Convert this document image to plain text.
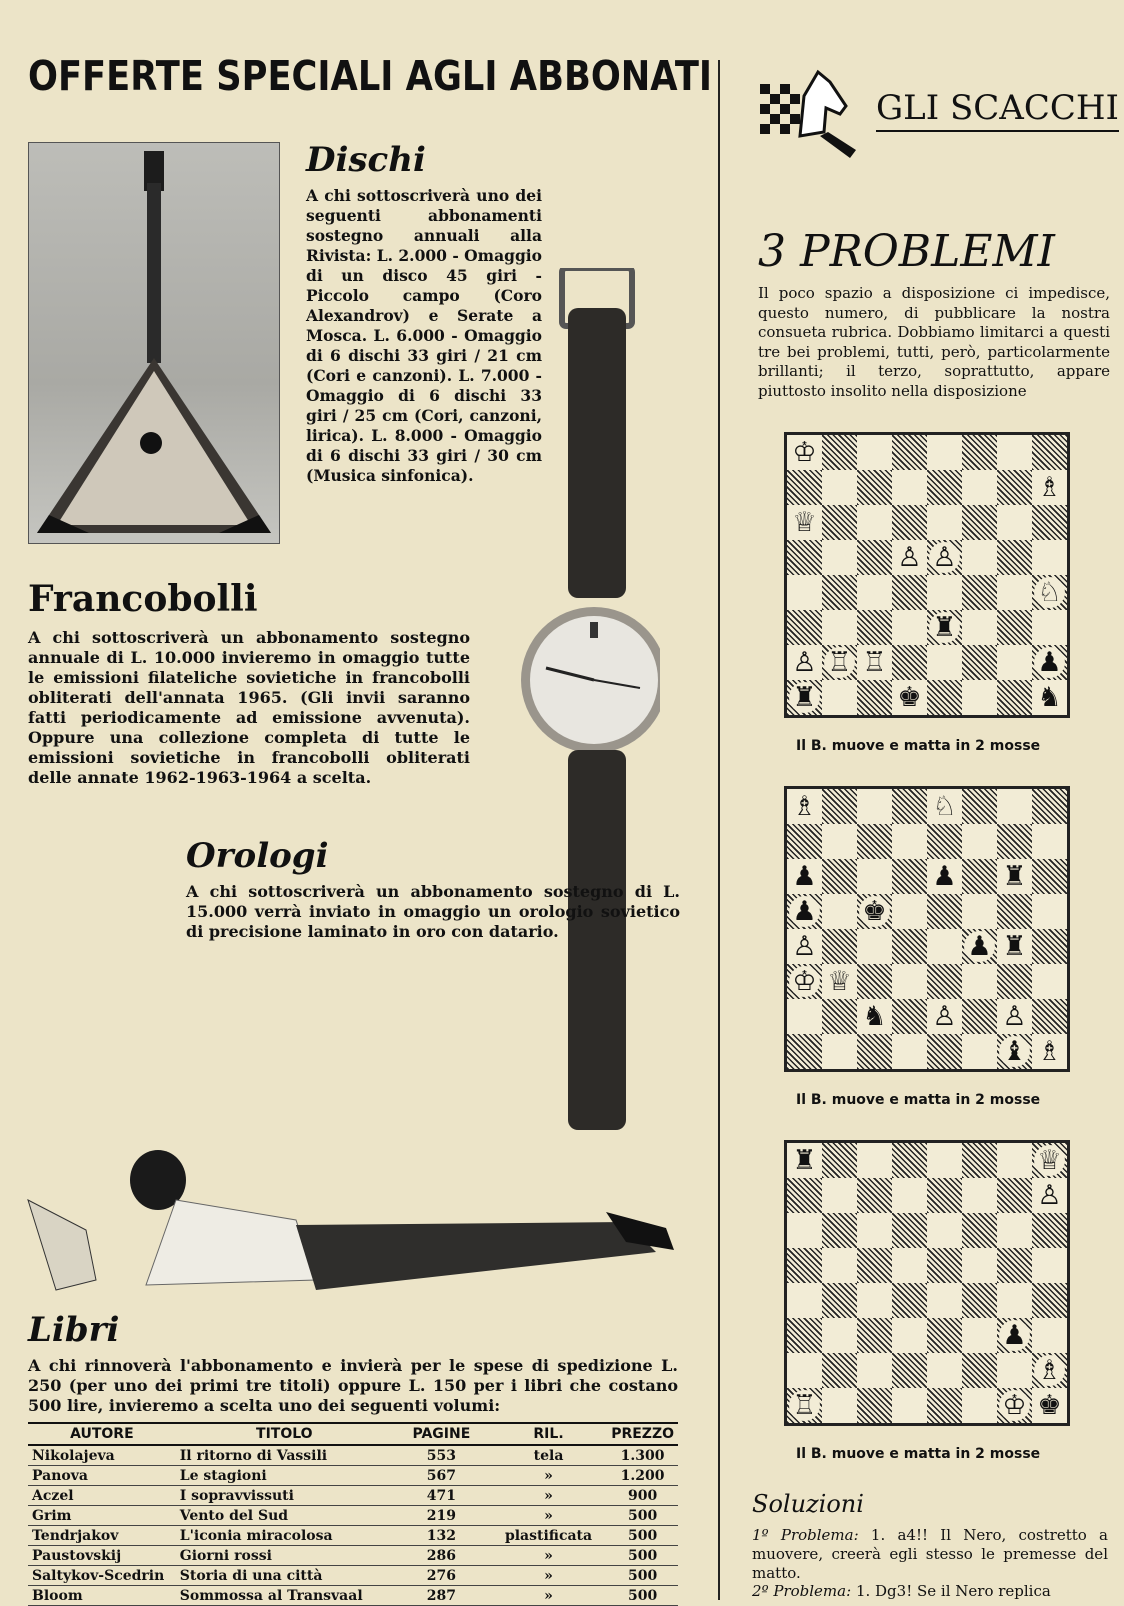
OFFERTE SPECIALI AGLI ABBONATI
Dischi
A chi sottoscriverà uno dei seguenti abbonamenti sostegno annuali alla Rivista: L. 2.000 - Omaggio di un disco 45 giri - Piccolo campo (Coro Alexandrov) e Serate a Mosca. L. 6.000 - Omaggio di 6 dischi 33 giri / 21 cm (Cori e canzoni). L. 7.000 - Omaggio di 6 dischi 33 giri / 25 cm (Cori, canzoni, lirica). L. 8.000 - Omaggio di 6 dischi 33 giri / 30 cm (Musica sinfonica).
Francobolli
A chi sottoscriverà un abbonamento sostegno annuale di L. 10.000 invieremo in omaggio tutte le emissioni filateliche sovietiche in francobolli obliterati dell'annata 1965. (Gli invii saranno fatti periodicamente ad emissione avvenuta). Oppure una collezione completa di tutte le emissioni sovietiche in francobolli obliterati delle annate 1962-1963-1964 a scelta.
Orologi
A chi sottoscriverà un abbonamento sostegno di L. 15.000 verrà inviato in omaggio un orologio sovietico di precisione laminato in oro con datario.
Libri
A chi rinnoverà l'abbonamento e invierà per le spese di spedizione L. 250 (per uno dei primi tre titoli) oppure L. 150 per i libri che costano 500 lire, invieremo a scelta uno dei seguenti volumi:
AUTORE	TITOLO	PAGINE	RIL.	PREZZO
Nikolajeva	Il ritorno di Vassili	553	tela	1.300
Panova	Le stagioni	567	»	1.200
Aczel	I sopravvissuti	471	»	900
Grim	Vento del Sud	219	»	500
Tendrjakov	L'iconia miracolosa	132	plastificata	500
Paustovskij	Giorni rossi	286	»	500
Saltykov-Scedrin	Storia di una città	276	»	500
Bloom	Sommossa al Transvaal	287	»	500
GLI SCACCHI
3 PROBLEMI
Il poco spazio a disposizione ci impedisce, questo numero, di pubblicare la nostra consueta rubrica. Dobbiamo limitarci a questi tre bei problemi, tutti, però, particolarmente brillanti; il terzo, soprattutto, appare piuttosto insolito nella disposizione
♔
♗
♕
♙ ♙
♘
♜
♙ ♖ ♖	♟
♜	♚	♞
Il B. muove e matta in 2 mosse
♗	♘
♟	♟ ♜
♟ ♚
♙	♟ ♜
♔ ♕
♞ ♙ ♙
♝ ♗
Il B. muove e matta in 2 mosse
♜	♕
♙
♟
♗
♖	♔ ♚
Il B. muove e matta in 2 mosse
Soluzioni
1º Problema: 1. a4!! Il Nero, costretto a muovere, creerà egli stesso le premesse del matto.
2º Problema: 1. Dg3! Se il Nero replica
